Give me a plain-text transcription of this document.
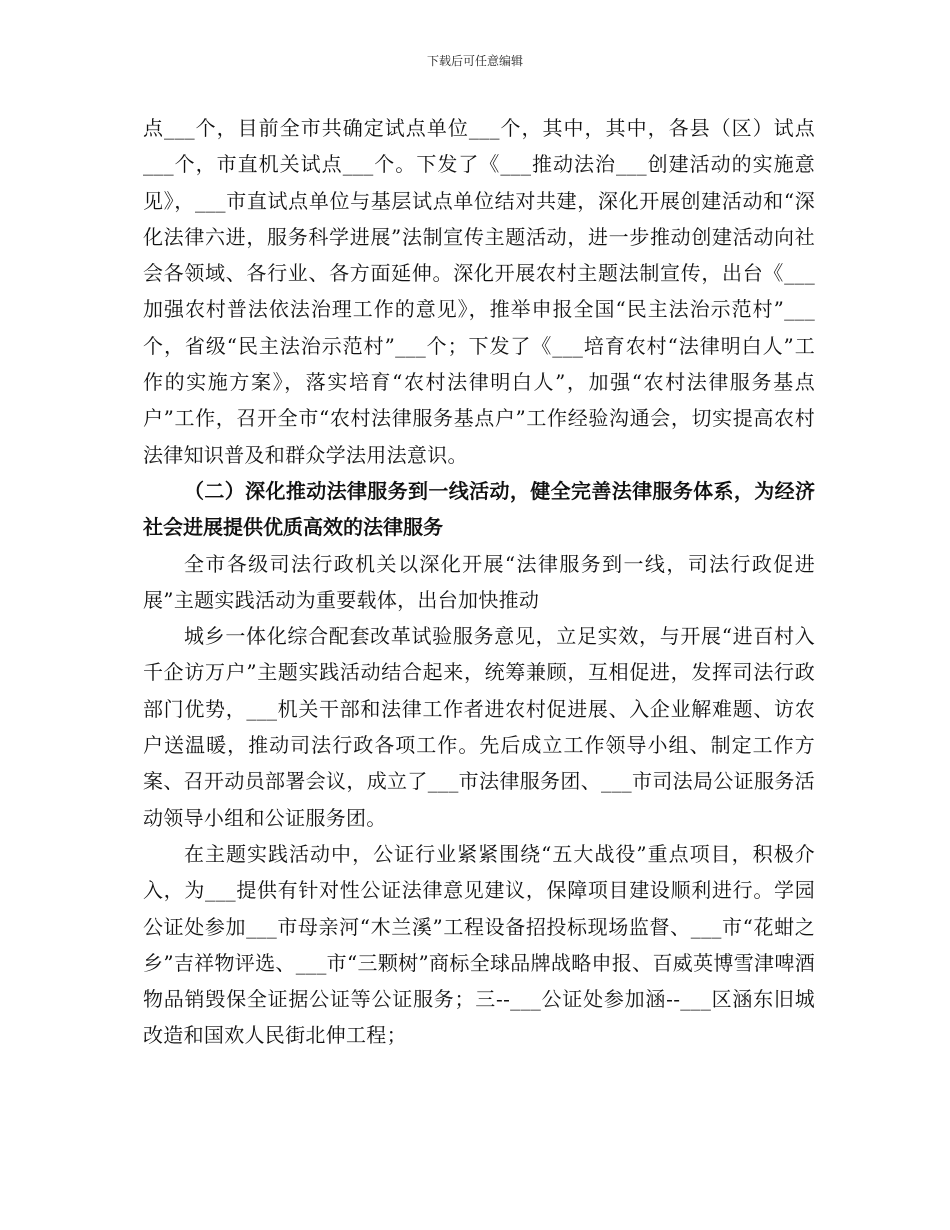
下载后可任意编辑

点___个，目前全市共确定试点单位___个，其中，其中，各县（区）试点___个，市直机关试点___个。下发了《___推动法治___创建活动的实施意见》，___市直试点单位与基层试点单位结对共建，深化开展创建活动和“深化法律六进，服务科学进展”法制宣传主题活动，进一步推动创建活动向社会各领域、各行业、各方面延伸。深化开展农村主题法制宣传，出台《___加强农村普法依法治理工作的意见》，推举申报全国“民主法治示范村”___个，省级“民主法治示范村”___个；下发了《___培育农村“法律明白人”工作的实施方案》，落实培育“农村法律明白人”，加强“农村法律服务基点户”工作，召开全市“农村法律服务基点户”工作经验沟通会，切实提高农村法律知识普及和群众学法用法意识。

（二）深化推动法律服务到一线活动，健全完善法律服务体系，为经济社会进展提供优质高效的法律服务

全市各级司法行政机关以深化开展“法律服务到一线，司法行政促进展”主题实践活动为重要载体，出台加快推动

城乡一体化综合配套改革试验服务意见，立足实效，与开展“进百村入千企访万户”主题实践活动结合起来，统筹兼顾，互相促进，发挥司法行政部门优势，___机关干部和法律工作者进农村促进展、入企业解难题、访农户送温暖，推动司法行政各项工作。先后成立工作领导小组、制定工作方案、召开动员部署会议，成立了___市法律服务团、___市司法局公证服务活动领导小组和公证服务团。

在主题实践活动中，公证行业紧紧围绕“五大战役”重点项目，积极介入，为___提供有针对性公证法律意见建议，保障项目建设顺利进行。学园公证处参加___市母亲河“木兰溪”工程设备招投标现场监督、___市“花蚶之乡”吉祥物评选、___市“三颗树”商标全球品牌战略申报、百威英博雪津啤酒物品销毁保全证据公证等公证服务；三--___公证处参加涵--___区涵东旧城改造和国欢人民街北伸工程；
